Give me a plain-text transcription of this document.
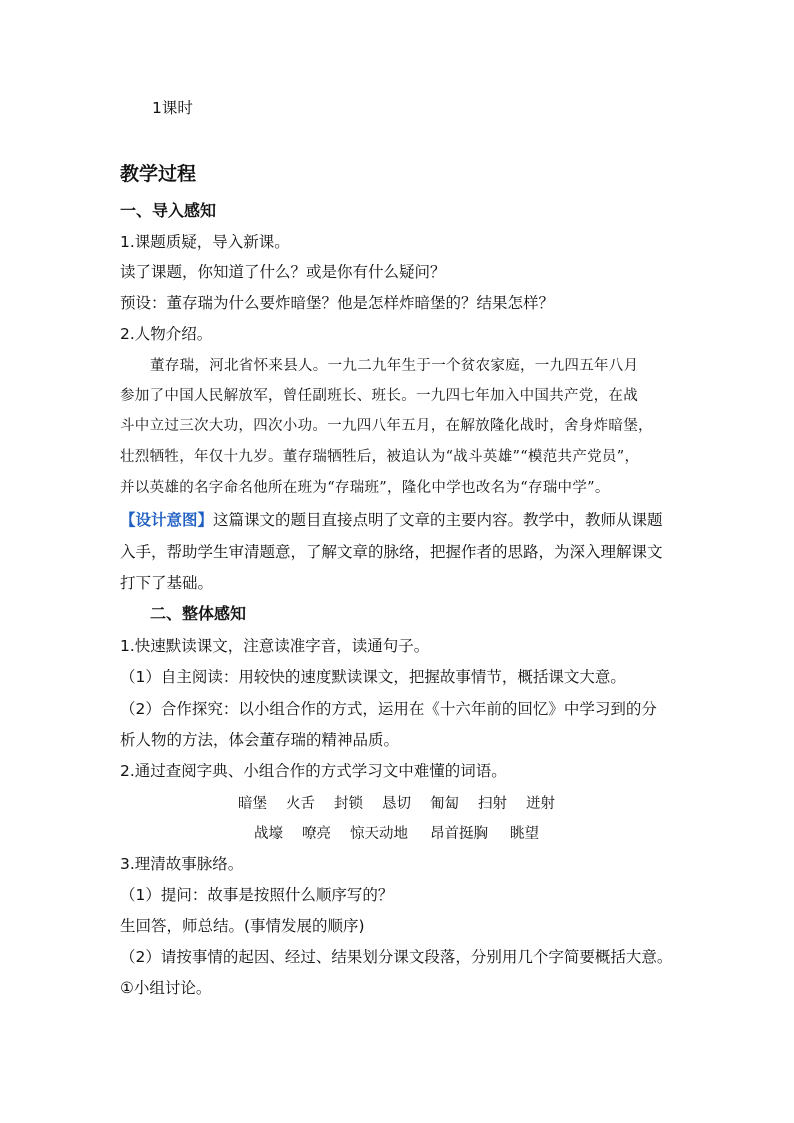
1课时
教学过程
一、导入感知
1.课题质疑，导入新课。
读了课题，你知道了什么？或是你有什么疑问？
预设：董存瑞为什么要炸暗堡？他是怎样炸暗堡的？结果怎样？
2.人物介绍。
董存瑞，河北省怀来县人。一九二九年生于一个贫农家庭，一九四五年八月
参加了中国人民解放军，曾任副班长、班长。一九四七年加入中国共产党，在战
斗中立过三次大功，四次小功。一九四八年五月，在解放隆化战时，舍身炸暗堡，
壮烈牺牲，年仅十九岁。董存瑞牺牲后，被追认为“战斗英雄”“模范共产党员”，
并以英雄的名字命名他所在班为“存瑞班”，隆化中学也改名为“存瑞中学”。
【设计意图】这篇课文的题目直接点明了文章的主要内容。教学中，教师从课题
入手，帮助学生审清题意，了解文章的脉络，把握作者的思路，为深入理解课文
打下了基础。
二、整体感知
1.快速默读课文，注意读准字音，读通句子。
（1）自主阅读：用较快的速度默读课文，把握故事情节，概括课文大意。
（2）合作探究：以小组合作的方式，运用在《十六年前的回忆》中学习到的分
析人物的方法，体会董存瑞的精神品质。
2.通过查阅字典、小组合作的方式学习文中难懂的词语。
暗堡 火舌 封锁 恳切 匍匐 扫射 迸射
战壕 嘹亮 惊天动地 昂首挺胸 眺望
3.理清故事脉络。
（1）提问：故事是按照什么顺序写的？
生回答，师总结。(事情发展的顺序)
（2）请按事情的起因、经过、结果划分课文段落，分别用几个字简要概括大意。
①小组讨论。
